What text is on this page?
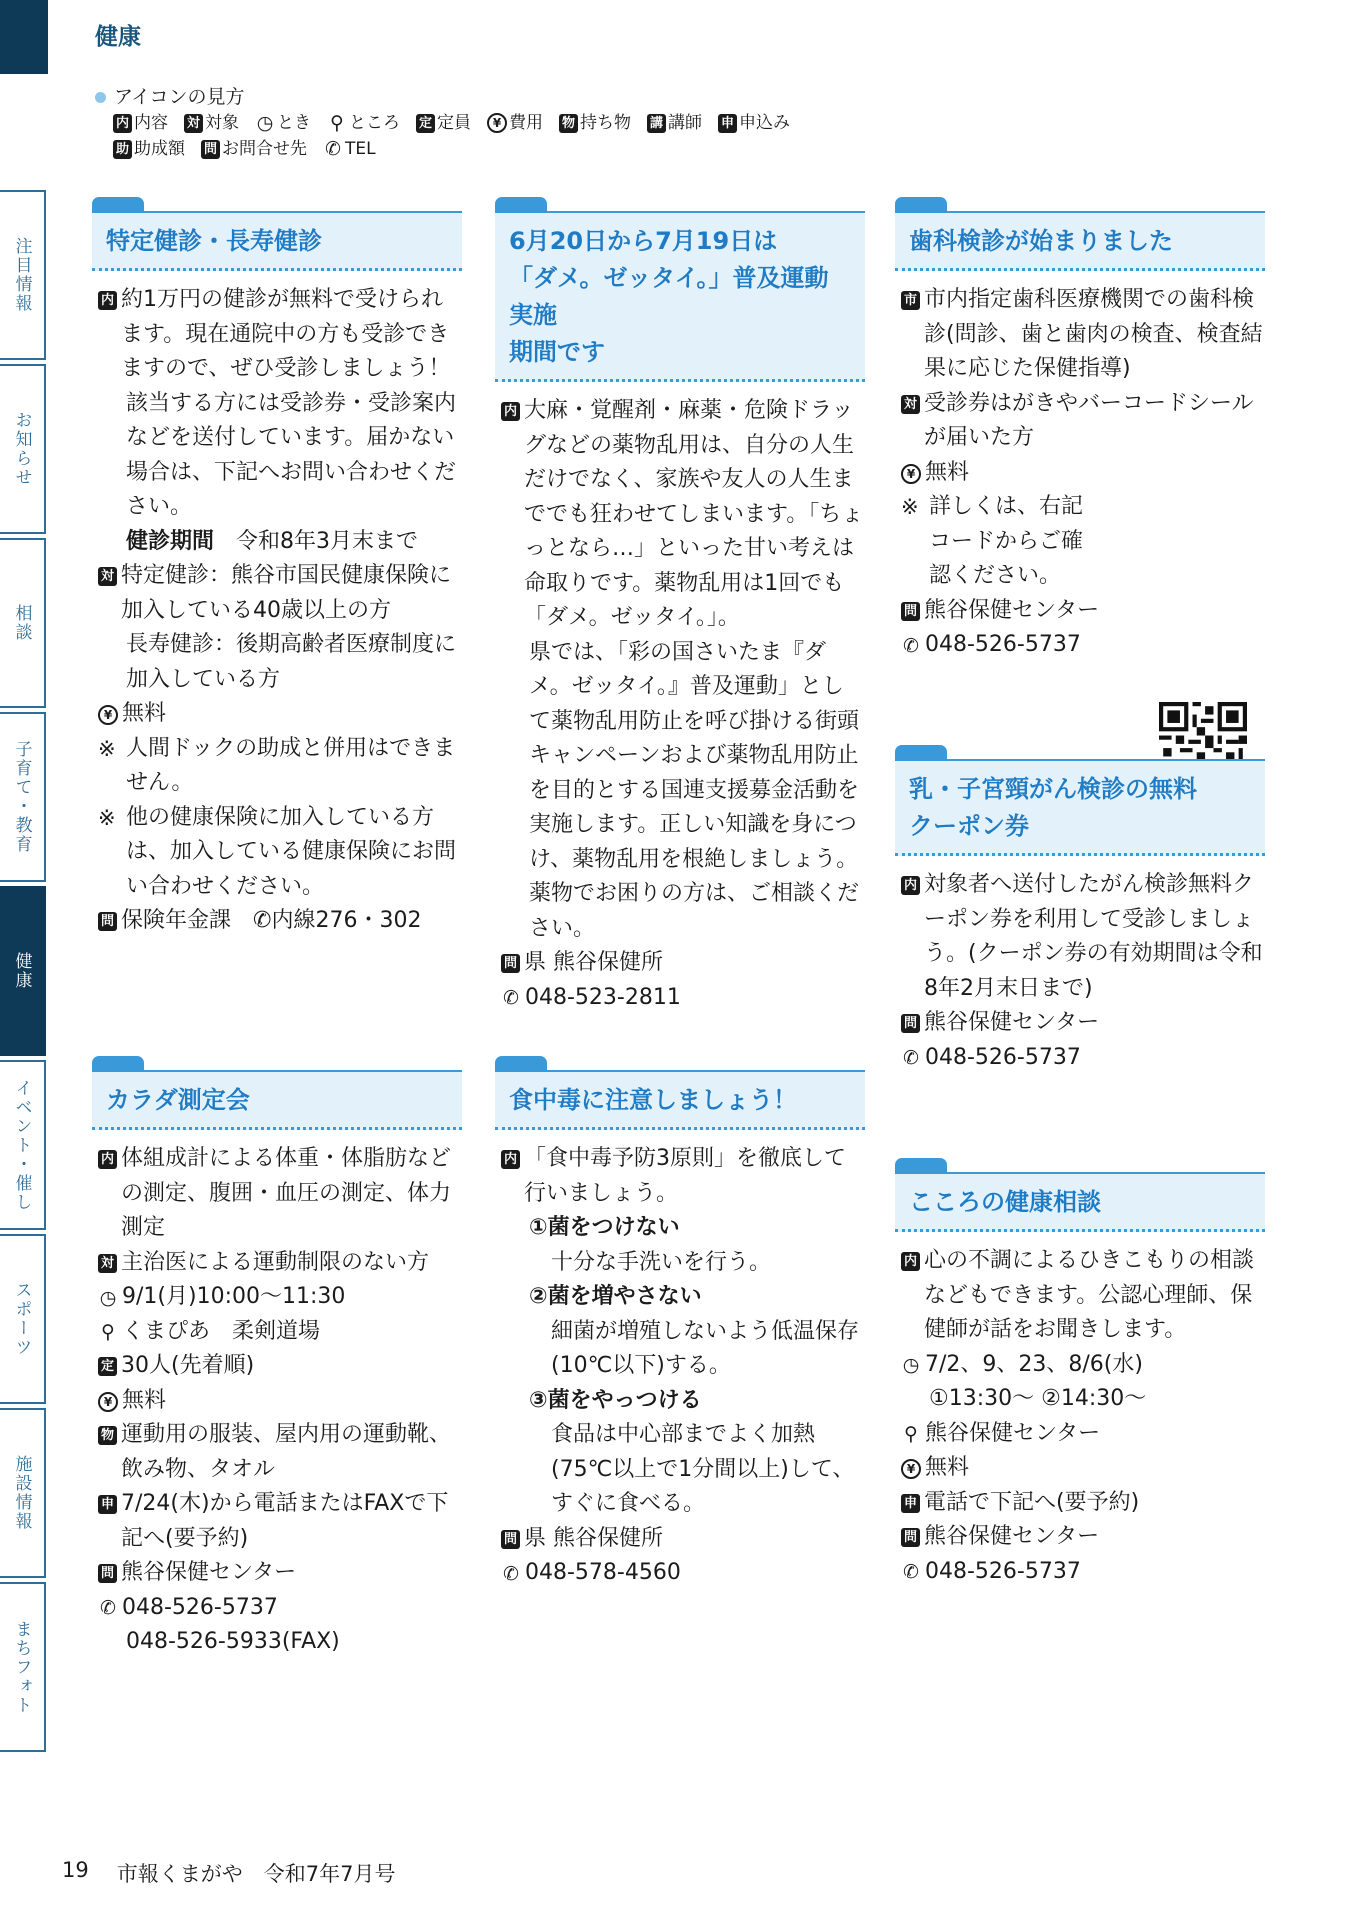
健康
アイコンの見方
内 内容 対 対象 ◷ とき ⚲ ところ 定 定員	¥ 費用 物 持ち物 講 講師 申 申込み
助 助成額 問 お問合せ先 ✆ TEL
注目情報
お知らせ
相談
子育て・教育
健康
イベント・催し
スポーツ
施設情報
まちフォト
特定健診・長寿健診
内 約1万円の健診が無料で受けられます。現在通院中の方も受診できますので、ぜひ受診しましょう！
該当する方には受診券・受診案内などを送付しています。届かない場合は、下記へお問い合わせください。
健診期間　 令和8年3月末まで
対 特定健診：熊谷市国民健康保険に加入している40歳以上の方
長寿健診：後期高齢者医療制度に加入している方
¥ 無料
※ 人間ドックの助成と併用はできません。
※ 他の健康保険に加入している方は、加入している健康保険にお問い合わせください。
問 保険年金課　 ✆内線276・302
カラダ測定会
内 体組成計による体重・体脂肪などの測定、腹囲・血圧の測定、体力測定
対 主治医による運動制限のない方
◷ 9/1(月)10:00～11:30
⚲ くまぴあ　柔剣道場
定 30人(先着順)
¥ 無料
物 運動用の服装、屋内用の運動靴、飲み物、タオル
申 7/24(木)から電話またはFAXで下記へ(要予約)
問 熊谷保健センター
✆ 048-526-5737
048-526-5933(FAX)
6月20日から7月19日は
「ダメ。ゼッタイ。」普及運動実施
期間です
内 大麻・覚醒剤・麻薬・危険ドラッグなどの薬物乱用は、自分の人生だけでなく、家族や友人の人生まででも狂わせてしまいます。「ちょっとなら…」といった甘い考えは命取りです。薬物乱用は1回でも「ダメ。ゼッタイ。」。
県では、「彩の国さいたま『ダメ。ゼッタイ。』普及運動」として薬物乱用防止を呼び掛ける街頭キャンペーンおよび薬物乱用防止を目的とする国連支援募金活動を実施します。正しい知識を身につけ、薬物乱用を根絶しましょう。
薬物でお困りの方は、ご相談ください。
問 県 熊谷保健所
✆ 048-523-2811
食中毒に注意しましょう！
内 「食中毒予防3原則」を徹底して行いましょう。
①菌をつけない
十分な手洗いを行う。
②菌を増やさない
細菌が増殖しないよう低温保存(10℃以下)する。
③菌をやっつける
食品は中心部までよく加熱(75℃以上で1分間以上)して、すぐに食べる。
問 県 熊谷保健所
✆ 048-578-4560
歯科検診が始まりました
市 市内指定歯科医療機関での歯科検診(問診、歯と歯肉の検査、検査結果に応じた保健指導)
対 受診券はがきやバーコードシールが届いた方
¥ 無料
※ 詳しくは、右記コードからご確認ください。
問 熊谷保健センター
✆ 048-526-5737
乳・子宮頸がん検診の無料
クーポン券
内 対象者へ送付したがん検診無料クーポン券を利用して受診しましょう。(クーポン券の有効期間は令和8年2月末日まで)
問 熊谷保健センター
✆ 048-526-5737
こころの健康相談
内 心の不調によるひきこもりの相談などもできます。公認心理師、保健師が話をお聞きします。
◷ 7/2、9、23、8/6(水)
①13:30～ ②14:30～
⚲ 熊谷保健センター
¥ 無料
申 電話で下記へ(要予約)
問 熊谷保健センター
✆ 048-526-5737
19 市報くまがや　 令和7年7月号
